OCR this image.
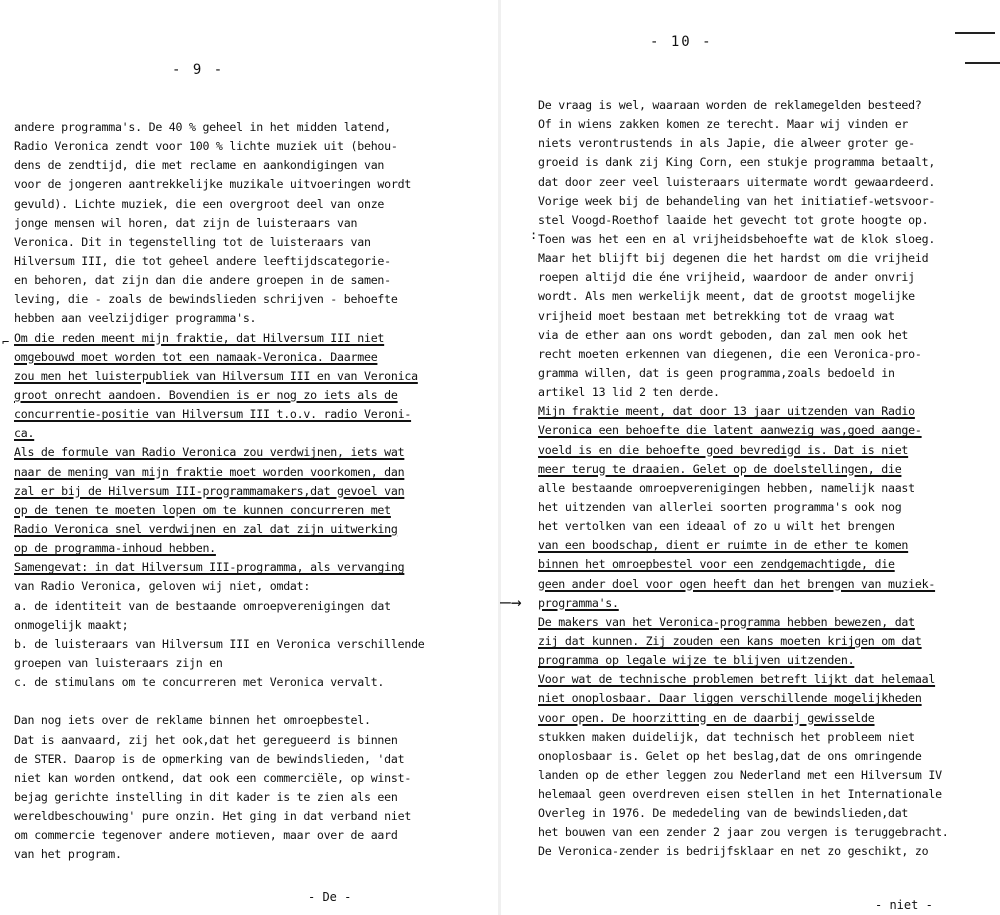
- 9 -
andere programma's. De 40 % geheel in het midden latend,
Radio Veronica zendt voor 100 % lichte muziek uit (behou-
dens de zendtijd, die met reclame en aankondigingen van
voor de jongeren aantrekkelijke muzikale uitvoeringen wordt
gevuld). Lichte muziek, die een overgroot deel van onze
jonge mensen wil horen, dat zijn de luisteraars van
Veronica. Dit in tegenstelling tot de luisteraars van
Hilversum III, die tot geheel andere leeftijdscategorie-
en behoren, dat zijn dan die andere groepen in de samen-
leving, die - zoals de bewindslieden schrijven - behoefte
hebben aan veelzijdiger programma's.
Om die reden meent mijn fraktie, dat Hilversum III niet
omgebouwd moet worden tot een namaak-Veronica. Daarmee
zou men het luisterpubliek van Hilversum III en van Veronica
groot onrecht aandoen. Bovendien is er nog zo iets als de
concurrentie-positie van Hilversum III t.o.v. radio Veroni-
ca.
Als de formule van Radio Veronica zou verdwijnen, iets wat
naar de mening van mijn fraktie moet worden voorkomen, dan
zal er bij de Hilversum III-programmamakers,dat gevoel van
op de tenen te moeten lopen om te kunnen concurreren met
Radio Veronica snel verdwijnen en zal dat zijn uitwerking
op de programma-inhoud hebben.
Samengevat: in dat Hilversum III-programma, als vervanging
van Radio Veronica, geloven wij niet, omdat:
a. de identiteit van de bestaande omroepverenigingen dat
onmogelijk maakt;
b. de luisteraars van Hilversum III en Veronica verschillende
groepen van luisteraars zijn en
c. de stimulans om te concurreren met Veronica vervalt.
Dan nog iets over de reklame binnen het omroepbestel.
Dat is aanvaard, zij het ook,dat het geregueerd is binnen
de STER. Daarop is de opmerking van de bewindslieden, 'dat
niet kan worden ontkend, dat ook een commerciële, op winst-
bejag gerichte instelling in dit kader is te zien als een
wereldbeschouwing' pure onzin. Het ging in dat verband niet
om commercie tegenover andere motieven, maar over de aard
van het program.
- De -
⌐
- 10 -
De vraag is wel, waaraan worden de reklamegelden besteed?
Of in wiens zakken komen ze terecht. Maar wij vinden er
niets verontrustends in als Japie, die alweer groter ge-
groeid is dank zij King Corn, een stukje programma betaalt,
dat door zeer veel luisteraars uitermate wordt gewaardeerd.
Vorige week bij de behandeling van het initiatief-wetsvoor-
stel Voogd-Roethof laaide het gevecht tot grote hoogte op.
Toen was het een en al vrijheidsbehoefte wat de klok sloeg.
Maar het blijft bij degenen die het hardst om die vrijheid
roepen altijd die éne vrijheid, waardoor de ander onvrij
wordt. Als men werkelijk meent, dat de grootst mogelijke
vrijheid moet bestaan met betrekking tot de vraag wat
via de ether aan ons wordt geboden, dan zal men ook het
recht moeten erkennen van diegenen, die een Veronica-pro-
gramma willen, dat is geen programma,zoals bedoeld in
artikel 13 lid 2 ten derde.
Mijn fraktie meent, dat door 13 jaar uitzenden van Radio
Veronica een behoefte die latent aanwezig was,goed aange-
voeld is en die behoefte goed bevredigd is. Dat is niet
meer terug te draaien. Gelet op de doelstellingen, die
alle bestaande omroepverenigingen hebben, namelijk naast
het uitzenden van allerlei soorten programma's ook nog
het vertolken van een ideaal of zo u wilt het brengen
van een boodschap, dient er ruimte in de ether te komen
binnen het omroepbestel voor een zendgemachtigde, die
geen ander doel voor ogen heeft dan het brengen van muziek-
programma's.
De makers van het Veronica-programma hebben bewezen, dat
zij dat kunnen. Zij zouden een kans moeten krijgen om dat
programma op legale wijze te blijven uitzenden.
Voor wat de technische problemen betreft lijkt dat helemaal
niet onoplosbaar. Daar liggen verschillende mogelijkheden
voor open. De hoorzitting en de daarbij gewisselde
stukken maken duidelijk, dat technisch het probleem niet
onoplosbaar is. Gelet op het beslag,dat de ons omringende
landen op de ether leggen zou Nederland met een Hilversum IV
helemaal geen overdreven eisen stellen in het Internationale
Overleg in 1976. De mededeling van de bewindslieden,dat
het bouwen van een zender 2 jaar zou vergen is teruggebracht.
De Veronica-zender is bedrijfsklaar en net zo geschikt, zo
- niet -
:
—→
